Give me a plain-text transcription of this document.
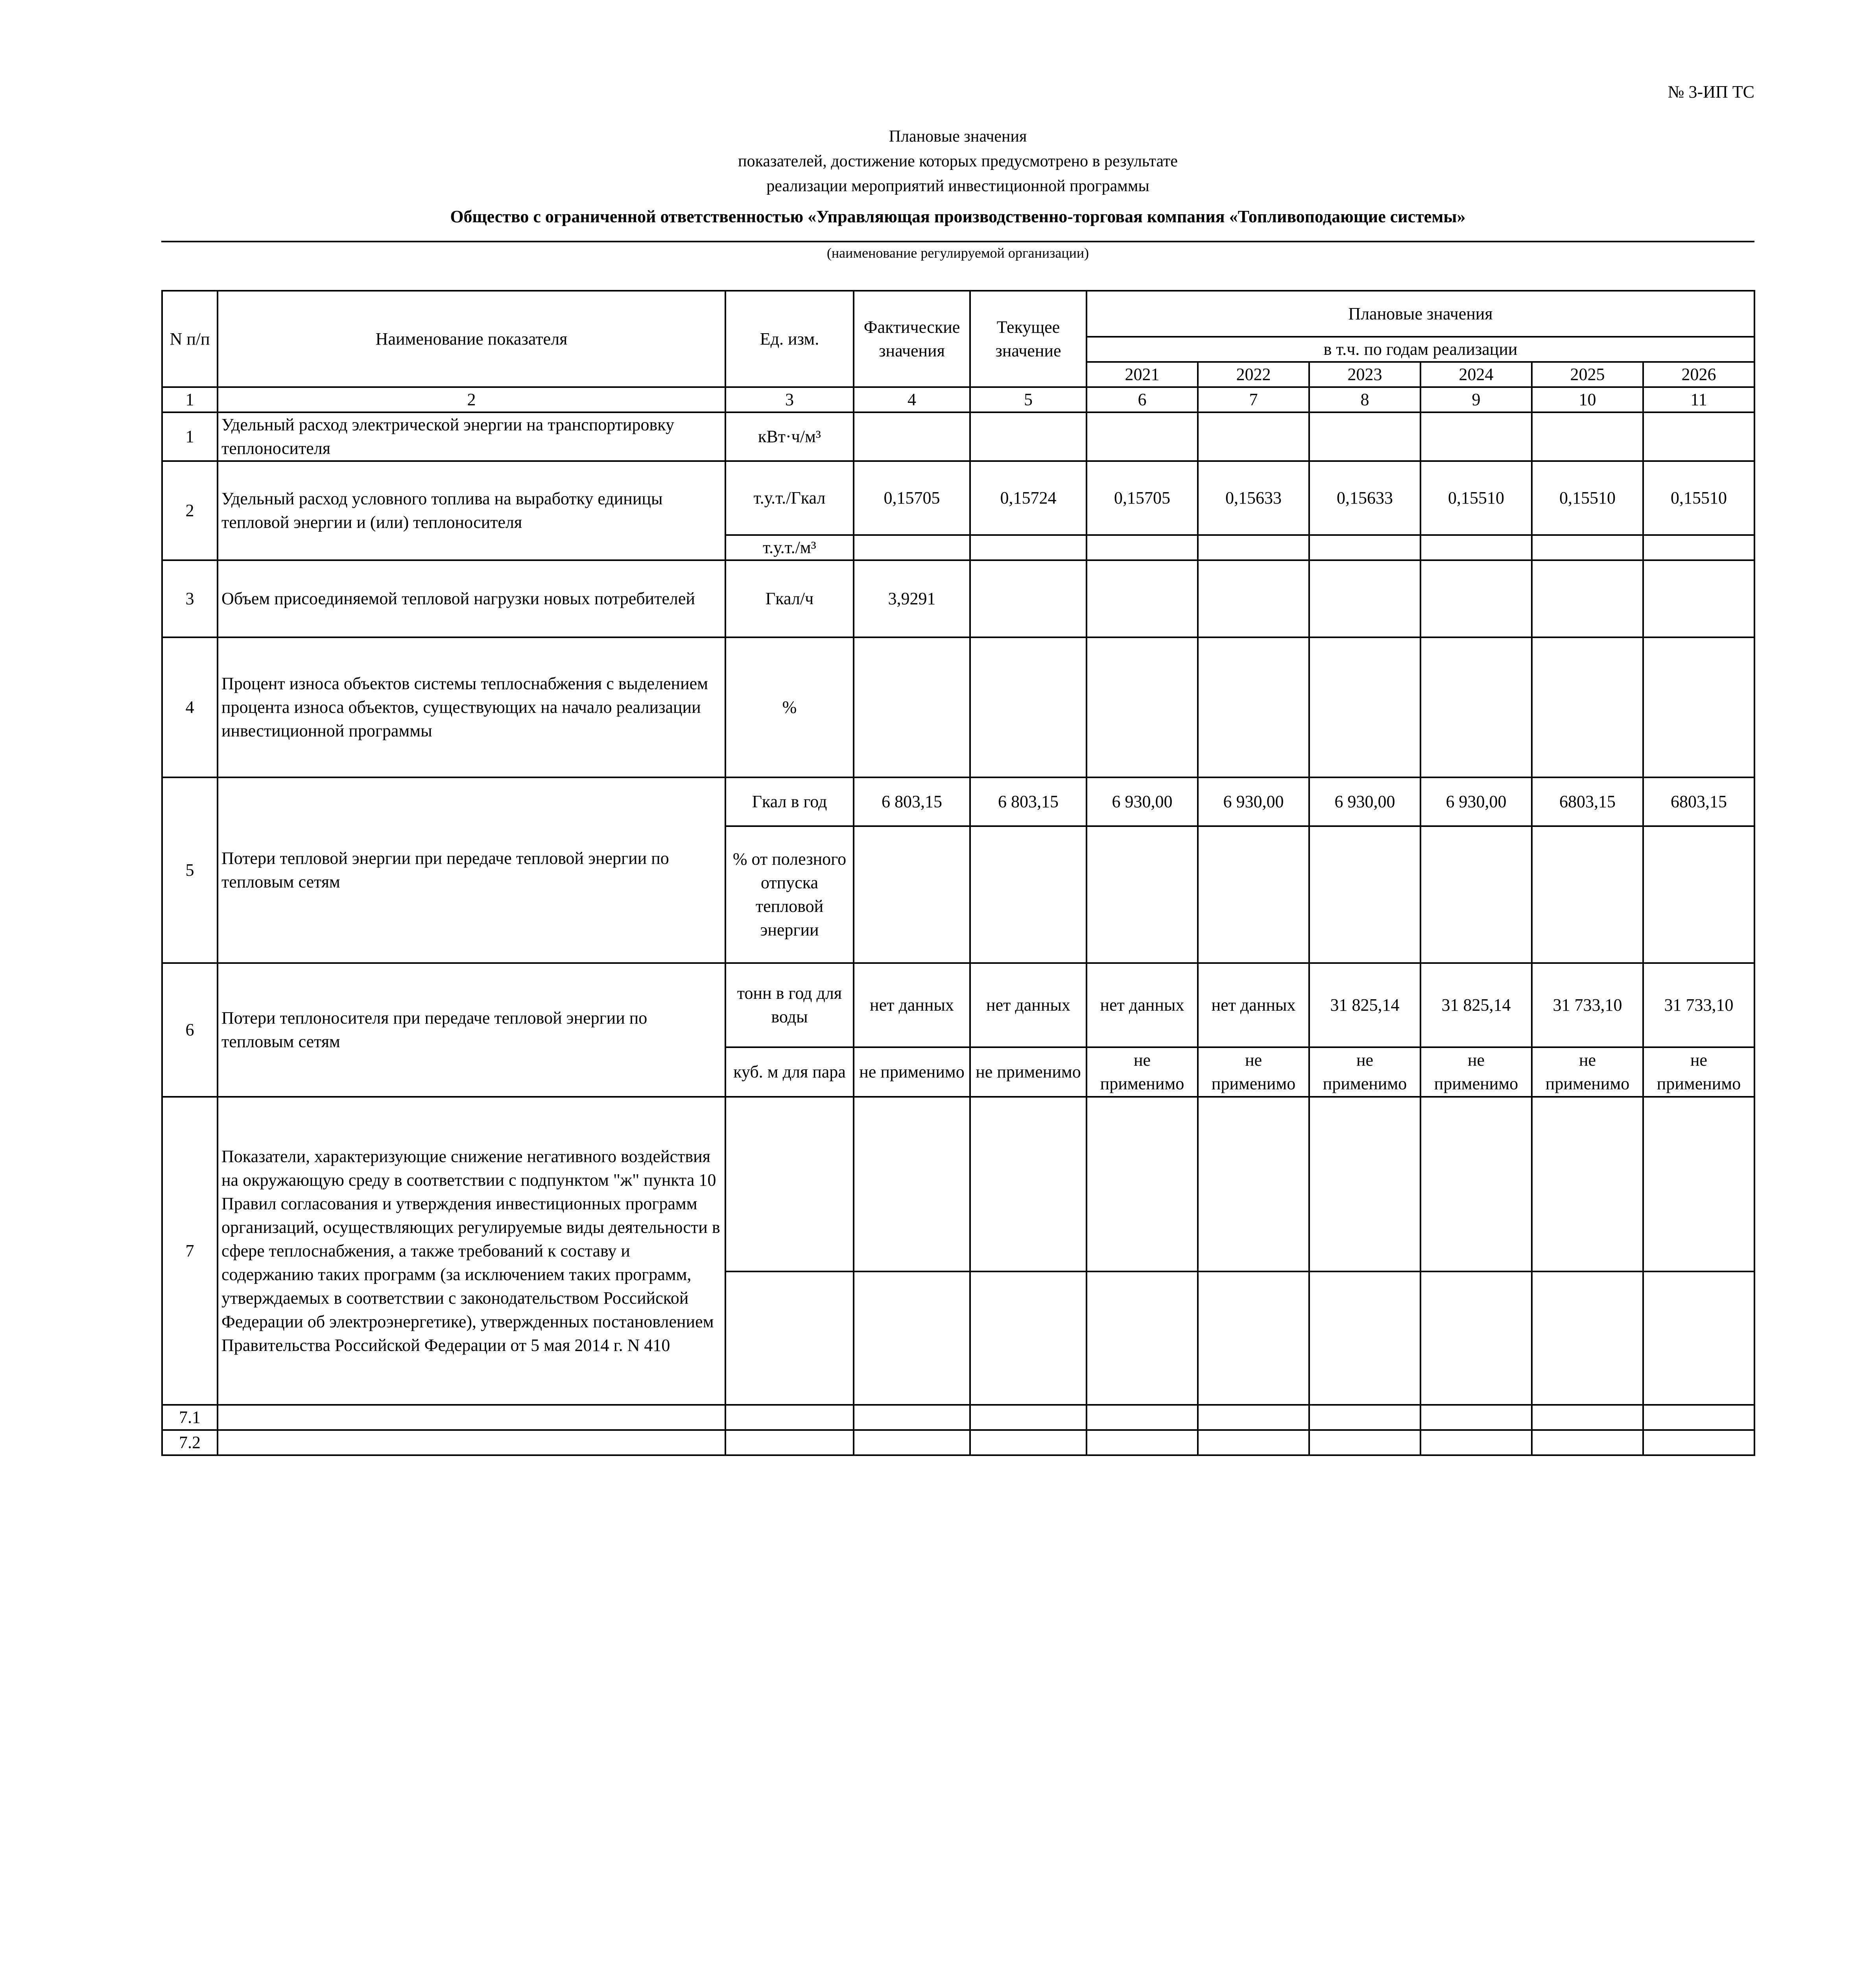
№ 3-ИП ТС
Плановые значения
показателей, достижение которых предусмотрено в результате
реализации мероприятий инвестиционной программы
Общество с ограниченной ответственностью «Управляющая производственно-торговая компания «Топливоподающие системы»
(наименование регулируемой организации)
N п/п	Наименование показателя	Ед. изм.	Фактические значения	Текущее значение	Плановые значения					
					в т.ч. по годам реализации					
					2021	2022	2023	2024	2025	2026
1	2	3	4	5	6	7	8	9	10	11
1	Удельный расход электрической энергии на транспортировку теплоносителя	кВт·ч/м³								
2	Удельный расход условного топлива на выработку единицы тепловой энергии и (или) теплоносителя	т.у.т./Гкал	0,15705	0,15724	0,15705	0,15633	0,15633	0,15510	0,15510	0,15510
		т.у.т./м³								
3	Объем присоединяемой тепловой нагрузки новых потребителей	Гкал/ч	3,9291							
4	Процент износа объектов системы теплоснабжения с выделением процента износа объектов, существующих на начало реализации инвестиционной программы	%								
5	Потери тепловой энергии при передаче тепловой энергии по тепловым сетям	Гкал в год	6 803,15	6 803,15	6 930,00	6 930,00	6 930,00	6 930,00	6803,15	6803,15
		% от полезного отпуска тепловой энергии								
6	Потери теплоносителя при передаче тепловой энергии по тепловым сетям	тонн в год для воды	нет данных	нет данных	нет данных	нет данных	31 825,14	31 825,14	31 733,10	31 733,10
		куб. м для пара	не применимо	не применимо	не применимо	не применимо	не применимо	не применимо	не применимо	не применимо
7	Показатели, характеризующие снижение негативного воздействия на окружающую среду в соответствии с подпунктом "ж" пункта 10 Правил согласования и утверждения инвестиционных программ организаций, осуществляющих регулируемые виды деятельности в сфере теплоснабжения, а также требований к составу и содержанию таких программ (за исключением таких программ, утверждаемых в соответствии с законодательством Российской Федерации об электроэнергетике), утвержденных постановлением Правительства Российской Федерации от 5 мая 2014 г. N 410									

7.1										
7.2										
